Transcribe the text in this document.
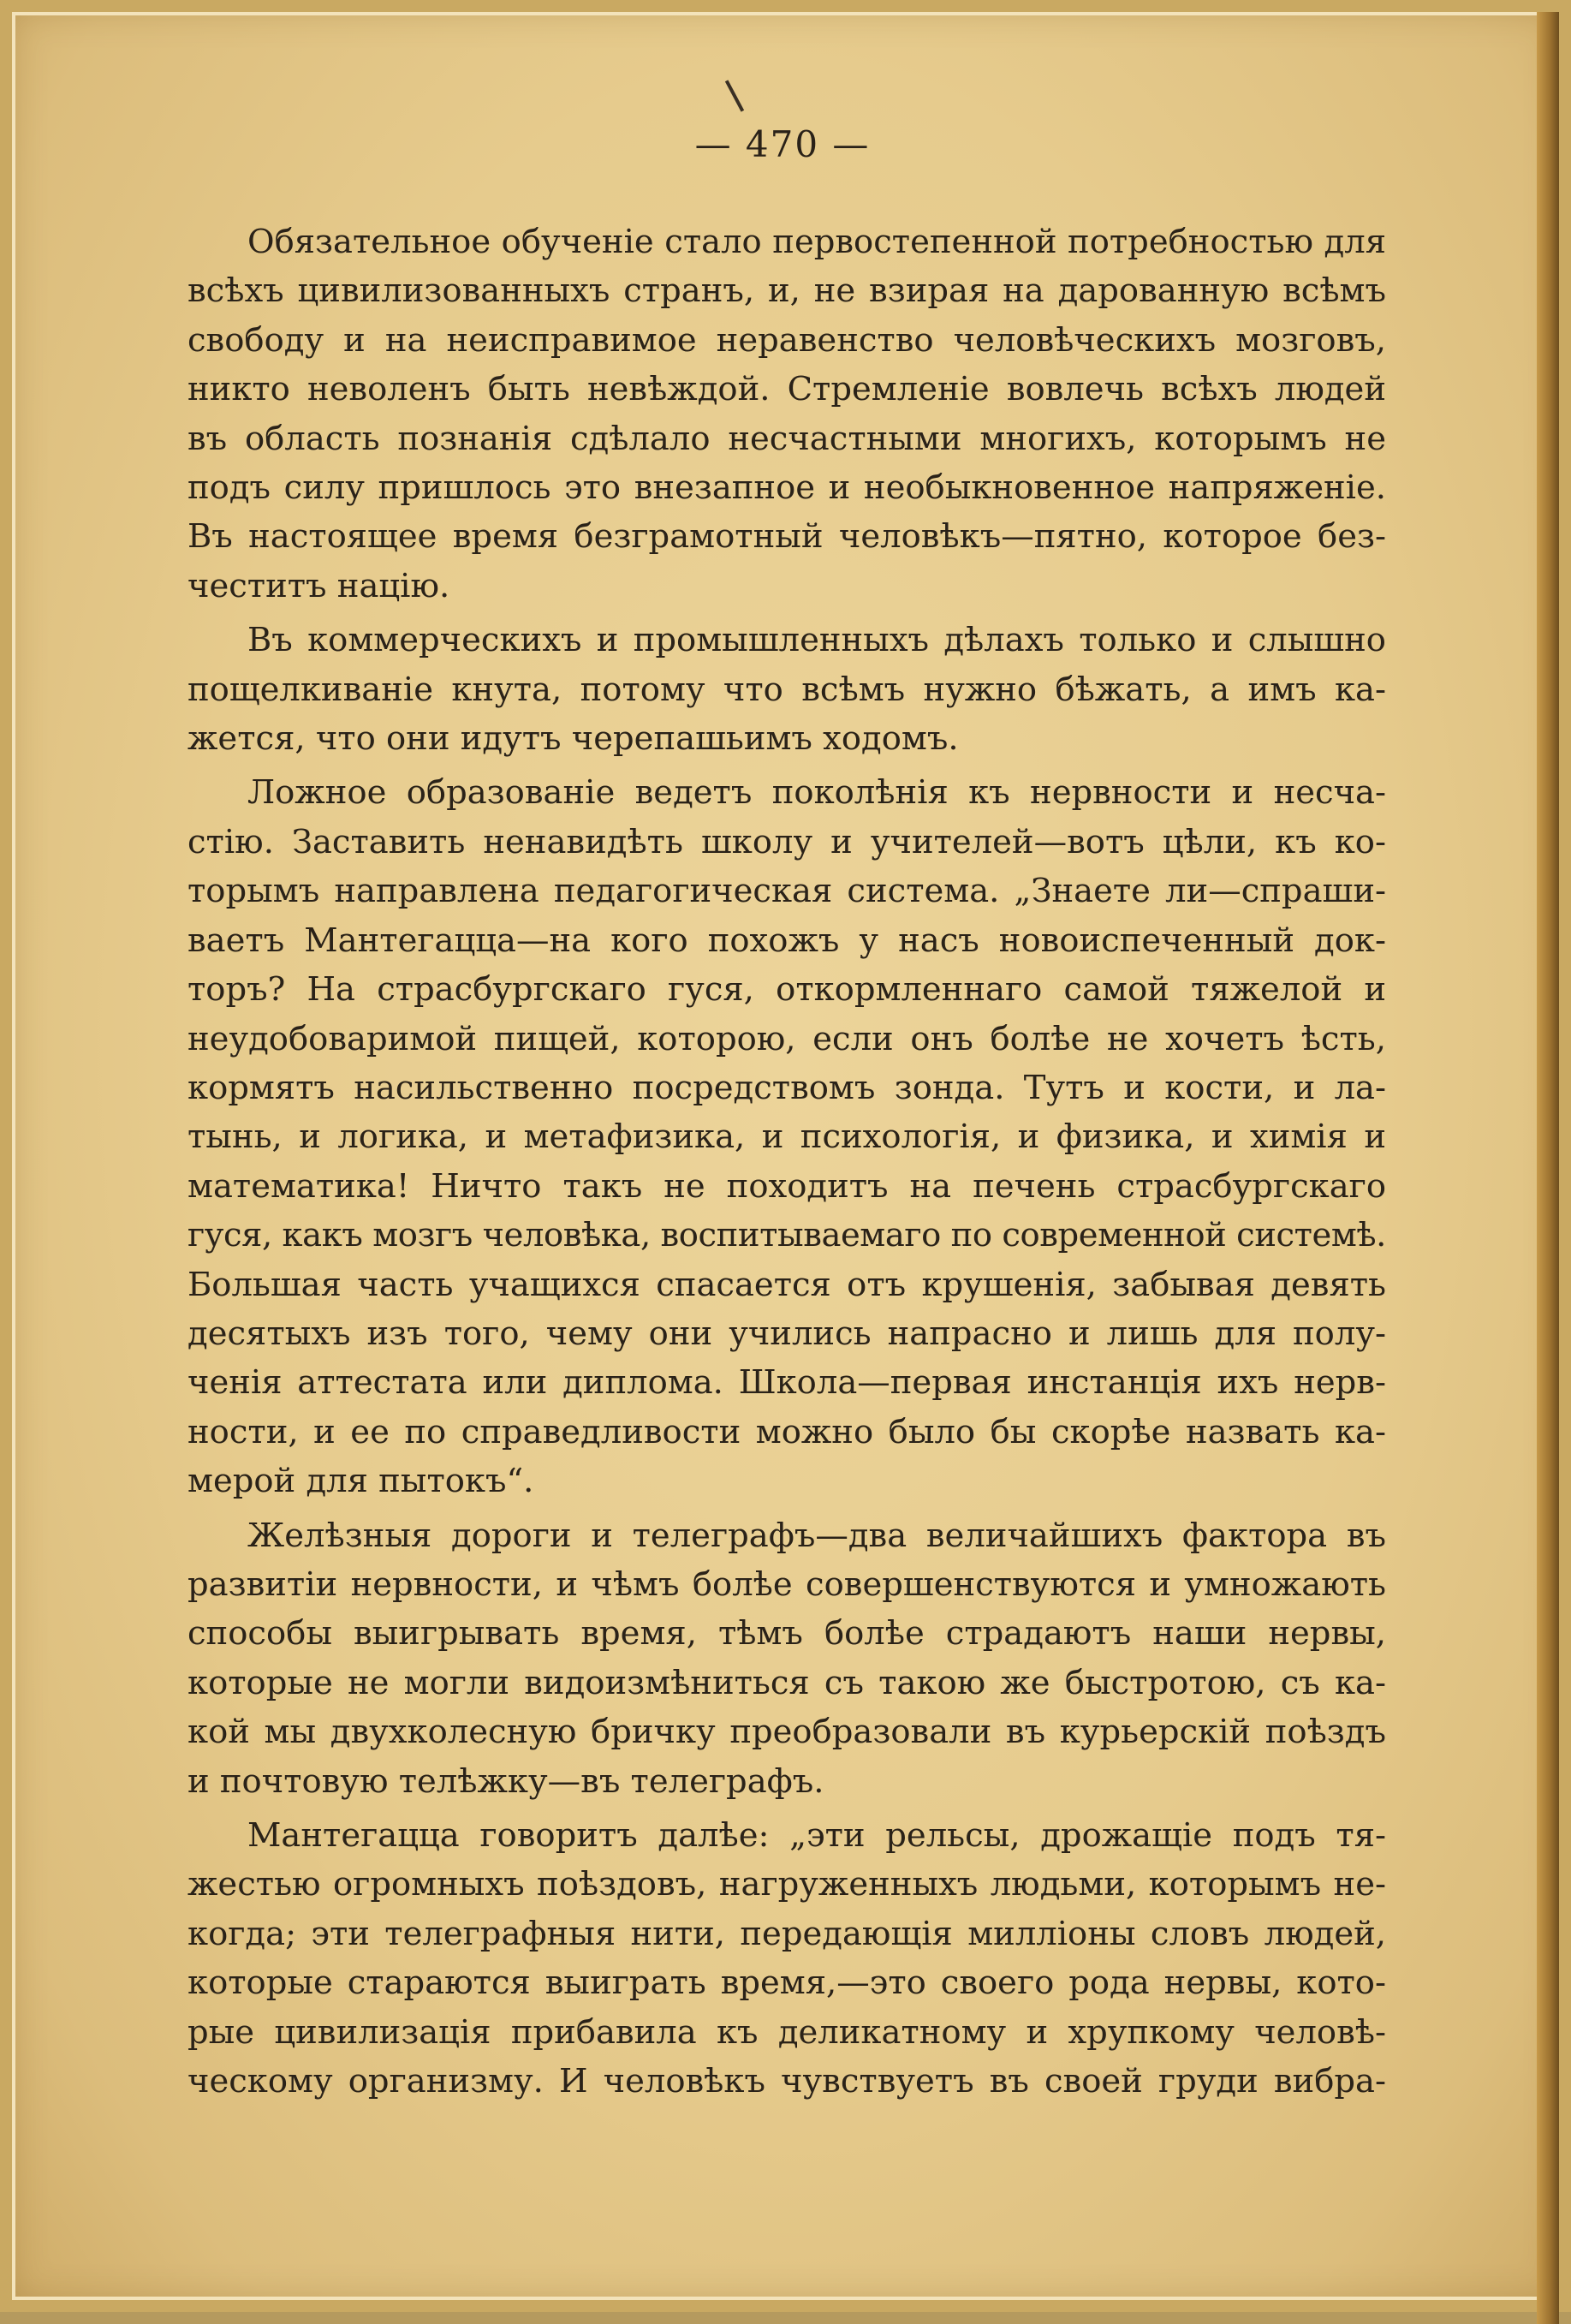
— 470 —
Обязательное обученіе стало первостепенной потребностью для
всѣхъ цивилизованныхъ странъ, и, не взирая на дарованную всѣмъ
свободу и на неисправимое неравенство человѣческихъ мозговъ,
никто неволенъ быть невѣждой. Стремленіе вовлечь всѣхъ людей
въ область познанія сдѣлало несчастными многихъ, которымъ не
подъ силу пришлось это внезапное и необыкновенное напряженіе.
Въ настоящее время безграмотный человѣкъ—пятно, которое без-
честитъ націю.
Въ коммерческихъ и промышленныхъ дѣлахъ только и слышно
пощелкиваніе кнута, потому что всѣмъ нужно бѣжать, а имъ ка-
жется, что они идутъ черепашьимъ ходомъ.
Ложное образованіе ведетъ поколѣнія къ нервности и несча-
стію. Заставить ненавидѣть школу и учителей—вотъ цѣли, къ ко-
торымъ направлена педагогическая система. „Знаете ли—спраши-
ваетъ Мантегацца—на кого похожъ у насъ новоиспеченный док-
торъ? На страсбургскаго гуся, откормленнаго самой тяжелой и
неудобоваримой пищей, которою, если онъ болѣе не хочетъ ѣсть,
кормятъ насильственно посредствомъ зонда. Тутъ и кости, и ла-
тынь, и логика, и метафизика, и психологія, и физика, и химія и
математика! Ничто такъ не походитъ на печень страсбургскаго
гуся, какъ мозгъ человѣка, воспитываемаго по современной системѣ.
Большая часть учащихся спасается отъ крушенія, забывая девять
десятыхъ изъ того, чему они учились напрасно и лишь для полу-
ченія аттестата или диплома. Школа—первая инстанція ихъ нерв-
ности, и ее по справедливости можно было бы скорѣе назвать ка-
мерой для пытокъ“.
Желѣзныя дороги и телеграфъ—два величайшихъ фактора въ
развитіи нервности, и чѣмъ болѣе совершенствуются и умножають
способы выигрывать время, тѣмъ болѣе страдаютъ наши нервы,
которые не могли видоизмѣниться съ такою же быстротою, съ ка-
кой мы двухколесную бричку преобразовали въ курьерскій поѣздъ
и почтовую телѣжку—въ телеграфъ.
Мантегацца говоритъ далѣе: „эти рельсы, дрожащіе подъ тя-
жестью огромныхъ поѣздовъ, нагруженныхъ людьми, которымъ не-
когда; эти телеграфныя нити, передающія милліоны словъ людей,
которые стараются выиграть время,—это своего рода нервы, кото-
рые цивилизація прибавила къ деликатному и хрупкому человѣ-
ческому организму. И человѣкъ чувствуетъ въ своей груди вибра-
